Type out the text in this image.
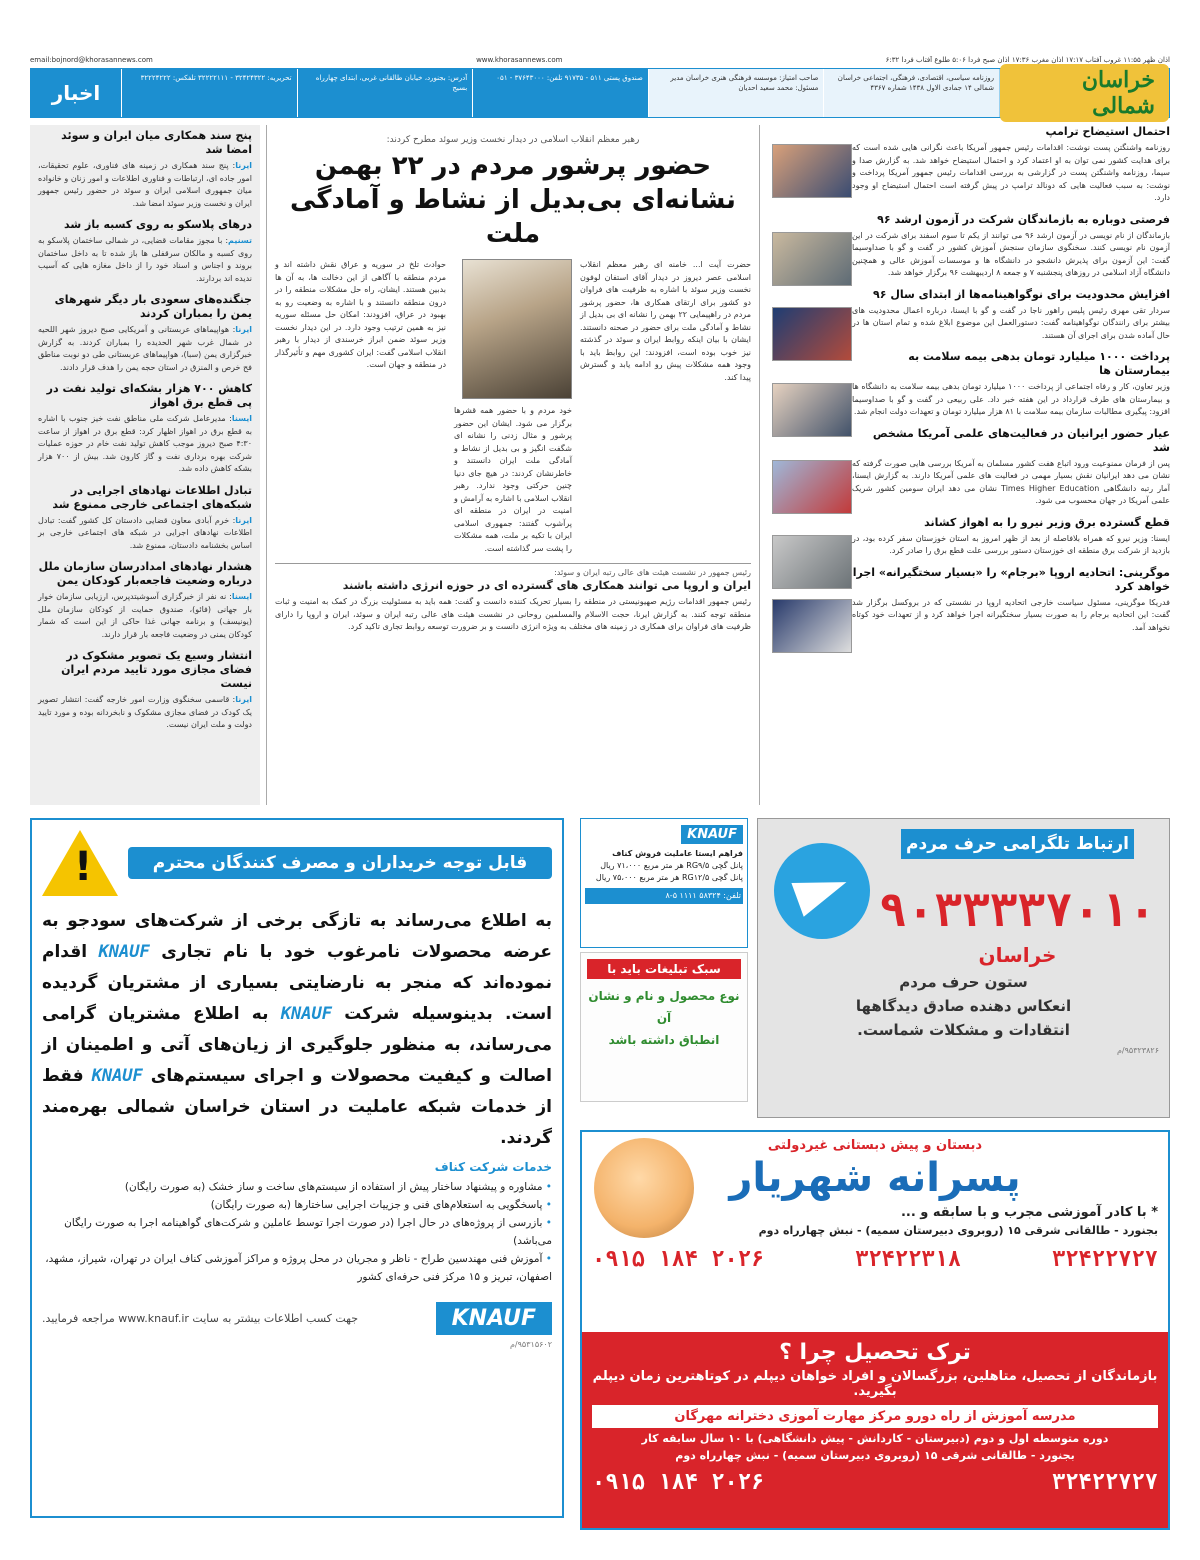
اذان ظهر ۱۱:۵۵ غروب آفتاب ۱۷:۱۷ اذان مغرب ۱۷:۳۶ اذان صبح فردا ۵:۰۶ طلوع آفتاب فردا ۶:۳۲
www.khorasannews.com
email:bojnord@khorasannews.com
خراسان شمالی
روزنامه سیاسی، اقتصادی، فرهنگی، اجتماعی خراسان شمالی ۱۴ جمادی الاول ۱۴۳۸ شماره ۴۳۶۷
صاحب امتیاز: موسسه فرهنگی هنری خراسان مدیر مسئول: محمد سعید احدیان
صندوق پستی ۵۱۱ - ۹۱۷۳۵ تلفن: ۳۷۶۴۳۰۰۰ - ۰۵۱
آدرس: بجنورد، خیابان طالقانی غربی، ابتدای چهارراه بسیج
تحریریه: ۳۲۴۲۴۳۲۲ - ۳۲۲۲۲۱۱۱ تلفکس: ۳۲۲۲۴۲۲۲
اخبار
احتمال استیضاح ترامپ
روزنامه واشنگتن پست نوشت: اقدامات رئیس جمهور آمریکا باعث نگرانی هایی شده است که برای هدایت کشور نمی توان به او اعتماد کرد و احتمال استیضاح خواهد شد. به گزارش صدا و سیما، روزنامه واشنگتن پست در گزارشی به بررسی اقدامات رئیس جمهور آمریکا پرداخت و نوشت: به سبب فعالیت هایی که دونالد ترامپ در پیش گرفته است احتمال استیضاح او وجود دارد.
فرصتی دوباره به بازماندگان شرکت در آزمون ارشد ۹۶
بازماندگان از نام نویسی در آزمون ارشد ۹۶ می توانند از یکم تا سوم اسفند برای شرکت در این آزمون نام نویسی کنند. سخنگوی سازمان سنجش آموزش کشور در گفت و گو با صداوسیما گفت: این آزمون برای پذیرش دانشجو در دانشگاه ها و موسسات آموزش عالی و همچنین دانشگاه آزاد اسلامی در روزهای پنجشنبه ۷ و جمعه ۸ اردیبهشت ۹۶ برگزار خواهد شد.
افزایش محدودیت برای نوگواهینامه‌ها از ابتدای سال ۹۶
سردار تقی مهری رئیس پلیس راهور ناجا در گفت و گو با ایسنا، درباره اعمال محدودیت های بیشتر برای رانندگان نوگواهینامه گفت: دستورالعمل این موضوع ابلاغ شده و تمام استان ها در حال آماده شدن برای اجرای آن هستند.
پرداخت ۱۰۰۰ میلیارد تومان بدهی بیمه سلامت به بیمارستان ها
وزیر تعاون، کار و رفاه اجتماعی از پرداخت ۱۰۰۰ میلیارد تومان بدهی بیمه سلامت به دانشگاه ها و بیمارستان های طرف قرارداد در این هفته خبر داد. علی ربیعی در گفت و گو با صداوسیما افزود: پیگیری مطالبات سازمان بیمه سلامت با ۸۱ هزار میلیارد تومان و تعهدات دولت انجام شد.
عیار حضور ایرانیان در فعالیت‌های علمی آمریکا مشخص شد
پس از فرمان ممنوعیت ورود اتباع هفت کشور مسلمان به آمریکا بررسی هایی صورت گرفته که نشان می دهد ایرانیان نقش بسیار مهمی در فعالیت های علمی آمریکا دارند. به گزارش ایسنا، آمار رتبه دانشگاهی Times Higher Education نشان می دهد ایران سومین کشور شریک علمی آمریکا در جهان محسوب می شود.
قطع گسترده برق وزیر نیرو را به اهواز کشاند
ایسنا: وزیر نیرو که همراه بلافاصله از بعد از ظهر امروز به استان خوزستان سفر کرده بود، در بازدید از شرکت برق منطقه ای خوزستان دستور بررسی علت قطع برق را صادر کرد.
موگرینی: اتحادیه اروپا «برجام» را «بسیار سختگیرانه» اجرا خواهد کرد
فدریکا موگرینی، مسئول سیاست خارجی اتحادیه اروپا در نشستی که در بروکسل برگزار شد گفت: این اتحادیه برجام را به صورت بسیار سختگیرانه اجرا خواهد کرد و از تعهدات خود کوتاه نخواهد آمد.
رهبر معظم انقلاب اسلامی در دیدار نخست وزیر سوئد مطرح کردند:
حضور پرشور مردم در ۲۲ بهمن نشانه‌ای بی‌بدیل از نشاط و آمادگی ملت
حضرت آیت ا... خامنه ای رهبر معظم انقلاب اسلامی عصر دیروز در دیدار آقای استفان لوفون نخست وزیر سوئد با اشاره به ظرفیت های فراوان دو کشور برای ارتقای همکاری ها، حضور پرشور مردم در راهپیمایی ۲۲ بهمن را نشانه ای بی بدیل از نشاط و آمادگی ملت برای حضور در صحنه دانستند. ایشان با بیان اینکه روابط ایران و سوئد در گذشته نیز خوب بوده است، افزودند: این روابط باید با وجود همه مشکلات پیش رو ادامه یابد و گسترش پیدا کند.
خود مردم و با حضور همه قشرها برگزار می شود. ایشان این حضور پرشور و مثال زدنی را نشانه ای شگفت انگیز و بی بدیل از نشاط و آمادگی ملت ایران دانستند و خاطرنشان کردند: در هیچ جای دنیا چنین حرکتی وجود ندارد. رهبر انقلاب اسلامی با اشاره به آرامش و امنیت در ایران در منطقه ای پرآشوب گفتند: جمهوری اسلامی ایران با تکیه بر ملت، همه مشکلات را پشت سر گذاشته است.
حوادث تلخ در سوریه و عراق نقش داشته اند و مردم منطقه با آگاهی از این دخالت ها، به آن ها بدبین هستند. ایشان، راه حل مشکلات منطقه را در درون منطقه دانستند و با اشاره به وضعیت رو به بهبود در عراق، افزودند: امکان حل مسئله سوریه نیز به همین ترتیب وجود دارد. در این دیدار نخست وزیر سوئد ضمن ابراز خرسندی از دیدار با رهبر انقلاب اسلامی گفت: ایران کشوری مهم و تأثیرگذار در منطقه و جهان است.
رئیس جمهور در نشست هیئت های عالی رتبه ایران و سوئد:
ایران و اروپا می توانند همکاری های گسترده ای در حوزه انرژی داشته باشند
رئیس جمهور اقدامات رژیم صهیونیستی در منطقه را بسیار تحریک کننده دانست و گفت: همه باید به مسئولیت بزرگ در کمک به امنیت و ثبات منطقه توجه کنند. به گزارش ایرنا، حجت الاسلام والمسلمین روحانی در نشست هیئت های عالی رتبه ایران و سوئد، ایران و اروپا را دارای ظرفیت های فراوان برای همکاری در زمینه های مختلف به ویژه انرژی دانست و بر ضرورت توسعه روابط تجاری تاکید کرد.
پنج سند همکاری میان ایران و سوئد امضا شد
ایرنا: پنج سند همکاری در زمینه های فناوری، علوم تحقیقات، امور جاده ای، ارتباطات و فناوری اطلاعات و امور زنان و خانواده میان جمهوری اسلامی ایران و سوئد در حضور رئیس جمهور ایران و نخست وزیر سوئد امضا شد.
درهای پلاسکو به روی کسبه باز شد
تسنیم: با مجوز مقامات قضایی، در شمالی ساختمان پلاسکو به روی کسبه و مالکان سرقفلی ها باز شده تا به داخل ساختمان بروند و اجناس و اسناد خود را از داخل مغازه هایی که آسیب ندیده اند بردارند.
جنگنده‌های سعودی بار دیگر شهرهای یمن را بمباران کردند
ایرنا: هواپیماهای عربستانی و آمریکایی صبح دیروز شهر اللحیه در شمال غرب شهر الحدیده را بمباران کردند. به گزارش خبرگزاری یمن (سبا)، هواپیماهای عربستانی طی دو نوبت مناطق فح خرص و المنزق در استان حجه یمن را هدف قرار دادند.
کاهش ۷۰۰ هزار بشکه‌ای تولید نفت در پی قطع برق اهواز
ایسنا: مدیرعامل شرکت ملی مناطق نفت خیز جنوب با اشاره به قطع برق در اهواز اظهار کرد: قطع برق در اهواز از ساعت ۴:۳۰ صبح دیروز موجب کاهش تولید نفت خام در حوزه عملیات شرکت بهره برداری نفت و گاز کارون شد. بیش از ۷۰۰ هزار بشکه کاهش داده شد.
تبادل اطلاعات نهادهای اجرایی در شبکه‌های اجتماعی خارجی ممنوع شد
ایرنا: خرم آبادی معاون قضایی دادستان کل کشور گفت: تبادل اطلاعات نهادهای اجرایی در شبکه های اجتماعی خارجی بر اساس بخشنامه دادستان، ممنوع شد.
هشدار نهادهای امدادرسان سازمان ملل درباره وضعیت فاجعه‌بار کودکان یمن
ایسنا: نه نفر از خبرگزاری آسوشیتدپرس، ارزیابی سازمان خوار بار جهانی (فائو)، صندوق حمایت از کودکان سازمان ملل (یونیسف) و برنامه جهانی غذا حاکی از این است که شمار کودکان یمنی در وضعیت فاجعه بار قرار دارند.
انتشار وسیع یک تصویر مشکوک در فضای مجازی مورد تایید مردم ایران نیست
ایرنا: قاسمی سخنگوی وزارت امور خارجه گفت: انتشار تصویر یک کودک در فضای مجازی مشکوک و نابخردانه بوده و مورد تایید دولت و ملت ایران نیست.
قابل توجه خریداران و مصرف کنندگان محترم
!
به اطلاع می‌رساند به تازگی برخی از شرکت‌های سودجو به عرضه محصولات نامرغوب خود با نام تجاری KNAUF اقدام نموده‌اند که منجر به نارضایتی بسیاری از مشتریان گردیده است. بدینوسیله شرکت KNAUF به اطلاع مشتریان گرامی می‌رساند، به منظور جلوگیری از زیان‌های آتی و اطمینان از اصالت و کیفیت محصولات و اجرای سیستم‌های KNAUF فقط از خدمات شبکه عاملیت در استان خراسان شمالی بهره‌مند گردند.
خدمات شرکت کناف
• مشاوره و پیشنهاد ساختار پیش از استفاده از سیستم‌های ساخت و ساز خشک (به صورت رایگان)
• پاسخگویی به استعلام‌های فنی و جزییات اجرایی ساختارها (به صورت رایگان)
• بازرسی از پروژه‌های در حال اجرا (در صورت اجرا توسط عاملین و شرکت‌های گواهینامه اجرا به صورت رایگان می‌باشد)
• آموزش فنی مهندسین طراح - ناظر و مجریان در محل پروژه و مراکز آموزشی کناف ایران در تهران، شیراز، مشهد، اصفهان، تبریز و ۱۵ مرکز فنی حرفه‌ای کشور
KNAUF
جهت کسب اطلاعات بیشتر به سایت www.knauf.ir مراجعه فرمایید.
۹۵۳۱۵۶۰۲/م
KNAUF
فراهم ایستا عاملیت فروش کناف
پانل گچی RG۹/۵ هر متر مربع ۷۱،۰۰۰ ریال
پانل گچی RG۱۲/۵ هر متر مربع ۷۵،۰۰۰ ریال
تلفن: ۵۸۳۲۴ ۱۱۱۱ ۵-۸
سبک تبلیغات باید با
نوع محصول و نام و نشان آن
انطباق داشته باشد
ارتباط تلگرامی حرف مردم
۹۰۳۳۳۳۷۰۱۰
خراسان
ستون حرف مردم
انعکاس دهنده صادق دیدگاهها
انتقادات و مشکلات شماست.
۹۵۳۲۳۸۲۶/م
دبستان و پیش دبستانی غیردولتی
پسرانه شهریار
* با کادر آموزشی مجرب و با سابقه و ...
بجنورد - طالقانی شرقی ۱۵ (روبروی دبیرستان سمیه) - نبش چهارراه دوم
۰۹۱۵ ۱۸۴ ۲۰۲۶	۳۲۴۲۲۳۱۸	۳۲۴۲۲۷۲۷
ترک تحصیل چرا ؟
بازماندگان از تحصیل، متاهلین، بزرگسالان و افراد خواهان دیپلم در کوتاهترین زمان دیپلم بگیرید.
مدرسه آموزش از راه دورو مرکز مهارت آموزی دخترانه مهرگان
دوره متوسطه اول و دوم (دبیرستان - کاردانش - پیش دانشگاهی) با ۱۰ سال سابقه کار
بجنورد - طالقانی شرقی ۱۵ (روبروی دبیرستان سمیه) - نبش چهارراه دوم
۰۹۱۵ ۱۸۴ ۲۰۲۶	۳۲۴۲۲۷۲۷
